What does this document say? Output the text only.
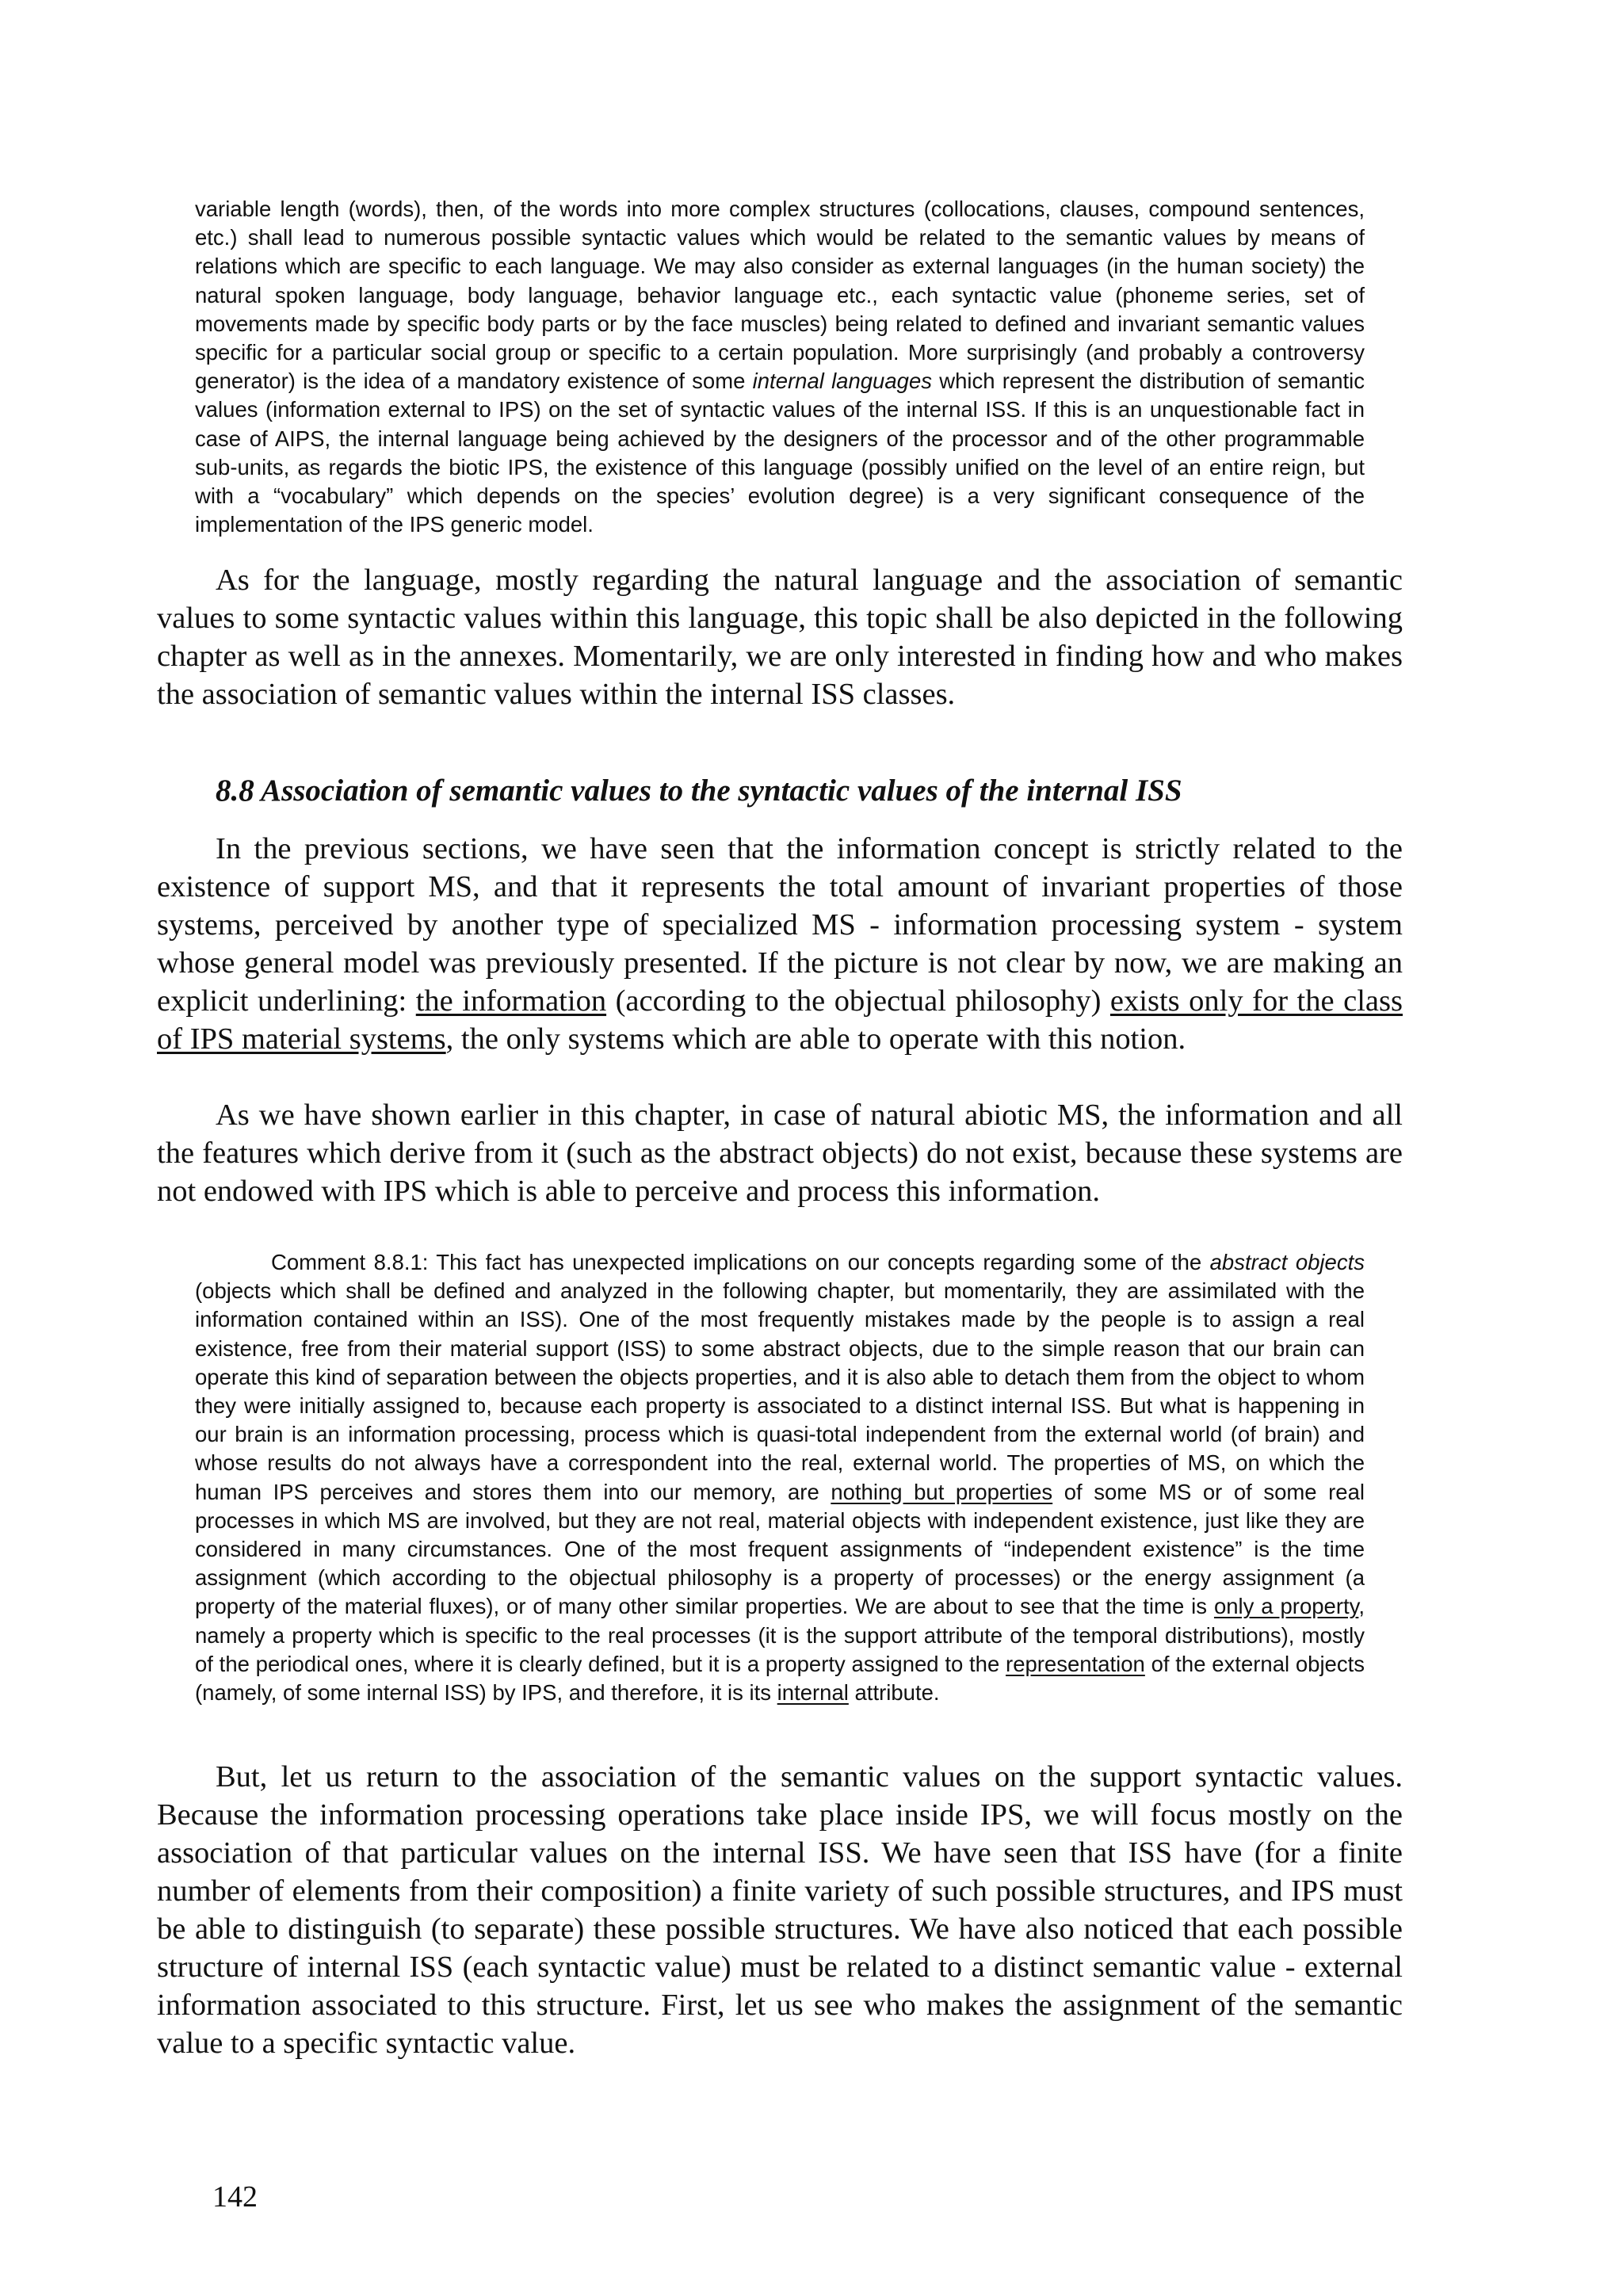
variable length (words), then, of the words into more complex structures (collocations, clauses, compound sentences, etc.) shall lead to numerous possible syntactic values which would be related to the semantic values by means of relations which are specific to each language. We may also consider as external languages (in the human society) the natural spoken language, body language, behavior language etc., each syntactic value (phoneme series, set of movements made by specific body parts or by the face muscles) being related to defined and invariant semantic values specific for a particular social group or specific to a certain population. More surprisingly (and probably a controversy generator) is the idea of a mandatory existence of some internal languages which represent the distribution of semantic values (information external to IPS) on the set of syntactic values of the internal ISS. If this is an unquestionable fact in case of AIPS, the internal language being achieved by the designers of the processor and of the other programmable sub-units, as regards the biotic IPS, the existence of this language (possibly unified on the level of an entire reign, but with a “vocabulary” which depends on the species’ evolution degree) is a very significant consequence of the implementation of the IPS generic model.

As for the language, mostly regarding the natural language and the association of semantic values to some syntactic values within this language, this topic shall be also depicted in the following chapter as well as in the annexes. Momentarily, we are only interested in finding how and who makes the association of semantic values within the internal ISS classes.

8.8 Association of semantic values to the syntactic values of the internal ISS

In the previous sections, we have seen that the information concept is strictly related to the existence of support MS, and that it represents the total amount of invariant properties of those systems, perceived by another type of specialized MS - information processing system - system whose general model was previously presented. If the picture is not clear by now, we are making an explicit underlining: the information (according to the objectual philosophy) exists only for the class of IPS material systems, the only systems which are able to operate with this notion.

As we have shown earlier in this chapter, in case of natural abiotic MS, the information and all the features which derive from it (such as the abstract objects) do not exist, because these systems are not endowed with IPS which is able to perceive and process this information.

Comment 8.8.1: This fact has unexpected implications on our concepts regarding some of the abstract objects (objects which shall be defined and analyzed in the following chapter, but momentarily, they are assimilated with the information contained within an ISS). One of the most frequently mistakes made by the people is to assign a real existence, free from their material support (ISS) to some abstract objects, due to the simple reason that our brain can operate this kind of separation between the objects properties, and it is also able to detach them from the object to whom they were initially assigned to, because each property is associated to a distinct internal ISS. But what is happening in our brain is an information processing, process which is quasi-total independent from the external world (of brain) and whose results do not always have a correspondent into the real, external world. The properties of MS, on which the human IPS perceives and stores them into our memory, are nothing but properties of some MS or of some real processes in which MS are involved, but they are not real, material objects with independent existence, just like they are considered in many circumstances. One of the most frequent assignments of “independent existence” is the time assignment (which according to the objectual philosophy is a property of processes) or the energy assignment (a property of the material fluxes), or of many other similar properties. We are about to see that the time is only a property, namely a property which is specific to the real processes (it is the support attribute of the temporal distributions), mostly of the periodical ones, where it is clearly defined, but it is a property assigned to the representation of the external objects (namely, of some internal ISS) by IPS, and therefore, it is its internal attribute.

But, let us return to the association of the semantic values on the support syntactic values. Because the information processing operations take place inside IPS, we will focus mostly on the association of that particular values on the internal ISS. We have seen that ISS have (for a finite number of elements from their composition) a finite variety of such possible structures, and IPS must be able to distinguish (to separate) these possible structures. We have also noticed that each possible structure of internal ISS (each syntactic value) must be related to a distinct semantic value - external information associated to this structure. First, let us see who makes the assignment of the semantic value to a specific syntactic value.

142
